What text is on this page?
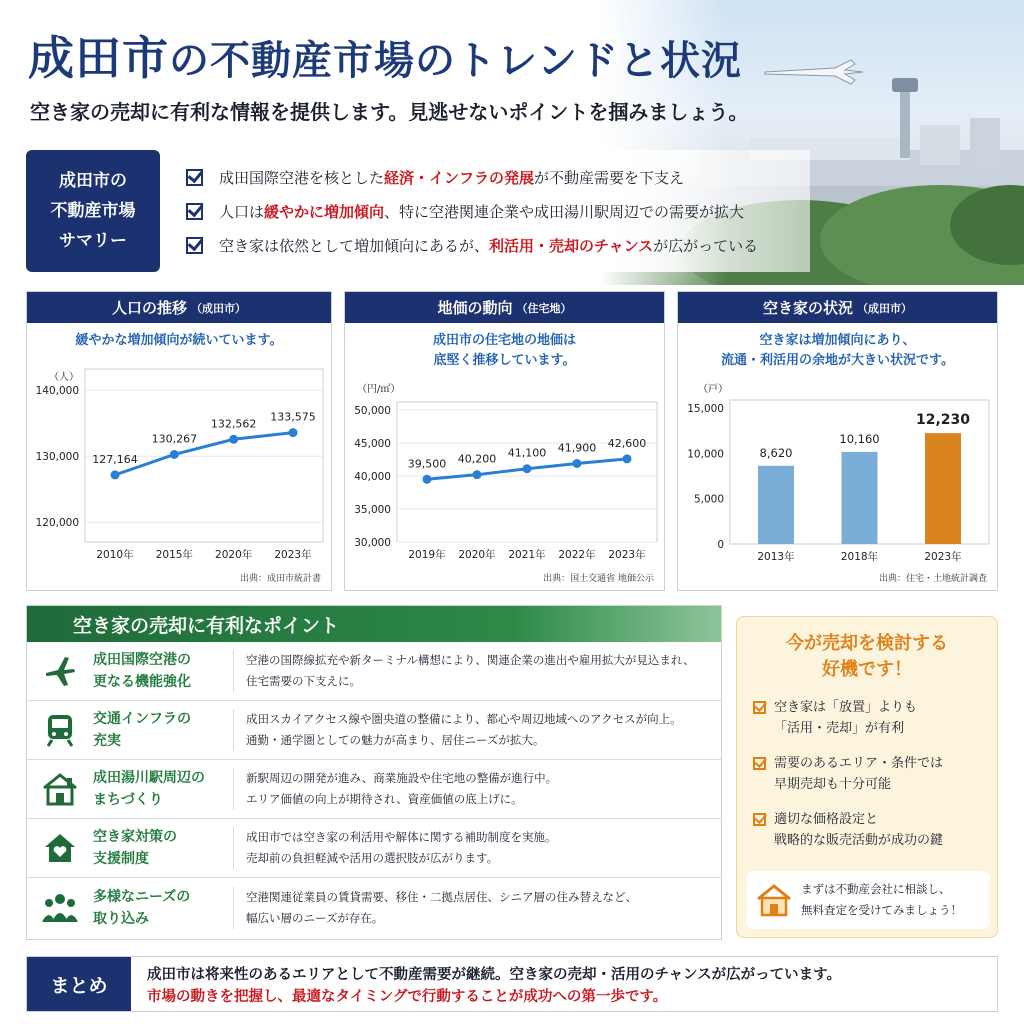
成田市の不動産市場のトレンドと状況
空き家の売却に有利な情報を提供します。見逃せないポイントを掴みましょう。
成田市の
不動産市場
サマリー
成田国際空港を核とした 経済・インフラの発展 が不動産需要を下支え
人口は 緩やかに増加傾向 、特に空港関連企業や成田湯川駅周辺での需要が拡大
空き家は依然として増加傾向にあるが、 利活用・売却のチャンス が広がっている
人口の推移 （成田市）
緩やかな増加傾向が続いています。
出典：成田市統計書
（人）
120,000
130,000
140,000
2010年 2015年 2020年 2023年
127,164
130,267
132,562
133,575
地価の動向 （住宅地）
成田市の住宅地の地価は
底堅く推移しています。
出典：国土交通省 地価公示
（円/㎡）
30,000
35,000
40,000
45,000
50,000
2019年 2020年 2021年 2022年 2023年
39,500 40,200 41,100 41,900 42,600
空き家の状況 （成田市）
空き家は増加傾向にあり、
流通・利活用の余地が大きい状況です。
出典：住宅・土地統計調査
（戸）
0
5,000
10,000
15,000
2013年	2018年	2023年
8,620
10,160
12,230
空き家の売却に有利なポイント
成田国際空港の
更なる機能強化
空港の国際線拡充や新ターミナル構想により、関連企業の進出や雇用拡大が見込まれ、
住宅需要の下支えに。
交通インフラの
充実
成田スカイアクセス線や圏央道の整備により、都心や周辺地域へのアクセスが向上。
通勤・通学圏としての魅力が高まり、居住ニーズが拡大。
成田湯川駅周辺の
まちづくり
新駅周辺の開発が進み、商業施設や住宅地の整備が進行中。
エリア価値の向上が期待され、資産価値の底上げに。
空き家対策の
支援制度
成田市では空き家の利活用や解体に関する補助制度を実施。
売却前の負担軽減や活用の選択肢が広がります。
多様なニーズの
取り込み
空港関連従業員の賃貸需要、移住・二拠点居住、シニア層の住み替えなど、
幅広い層のニーズが存在。
今が売却を検討する
好機です！
空き家は「放置」よりも
「活用・売却」が有利
需要のあるエリア・条件では
早期売却も十分可能
適切な価格設定と
戦略的な販売活動が成功の鍵
まずは不動産会社に相談し、
無料査定を受けてみましょう！
まとめ	成田市は将来性のあるエリアとして不動産需要が継続。空き家の売却・活用のチャンスが広がっています。
市場の動きを把握し、最適なタイミングで行動することが成功への第一歩です。
